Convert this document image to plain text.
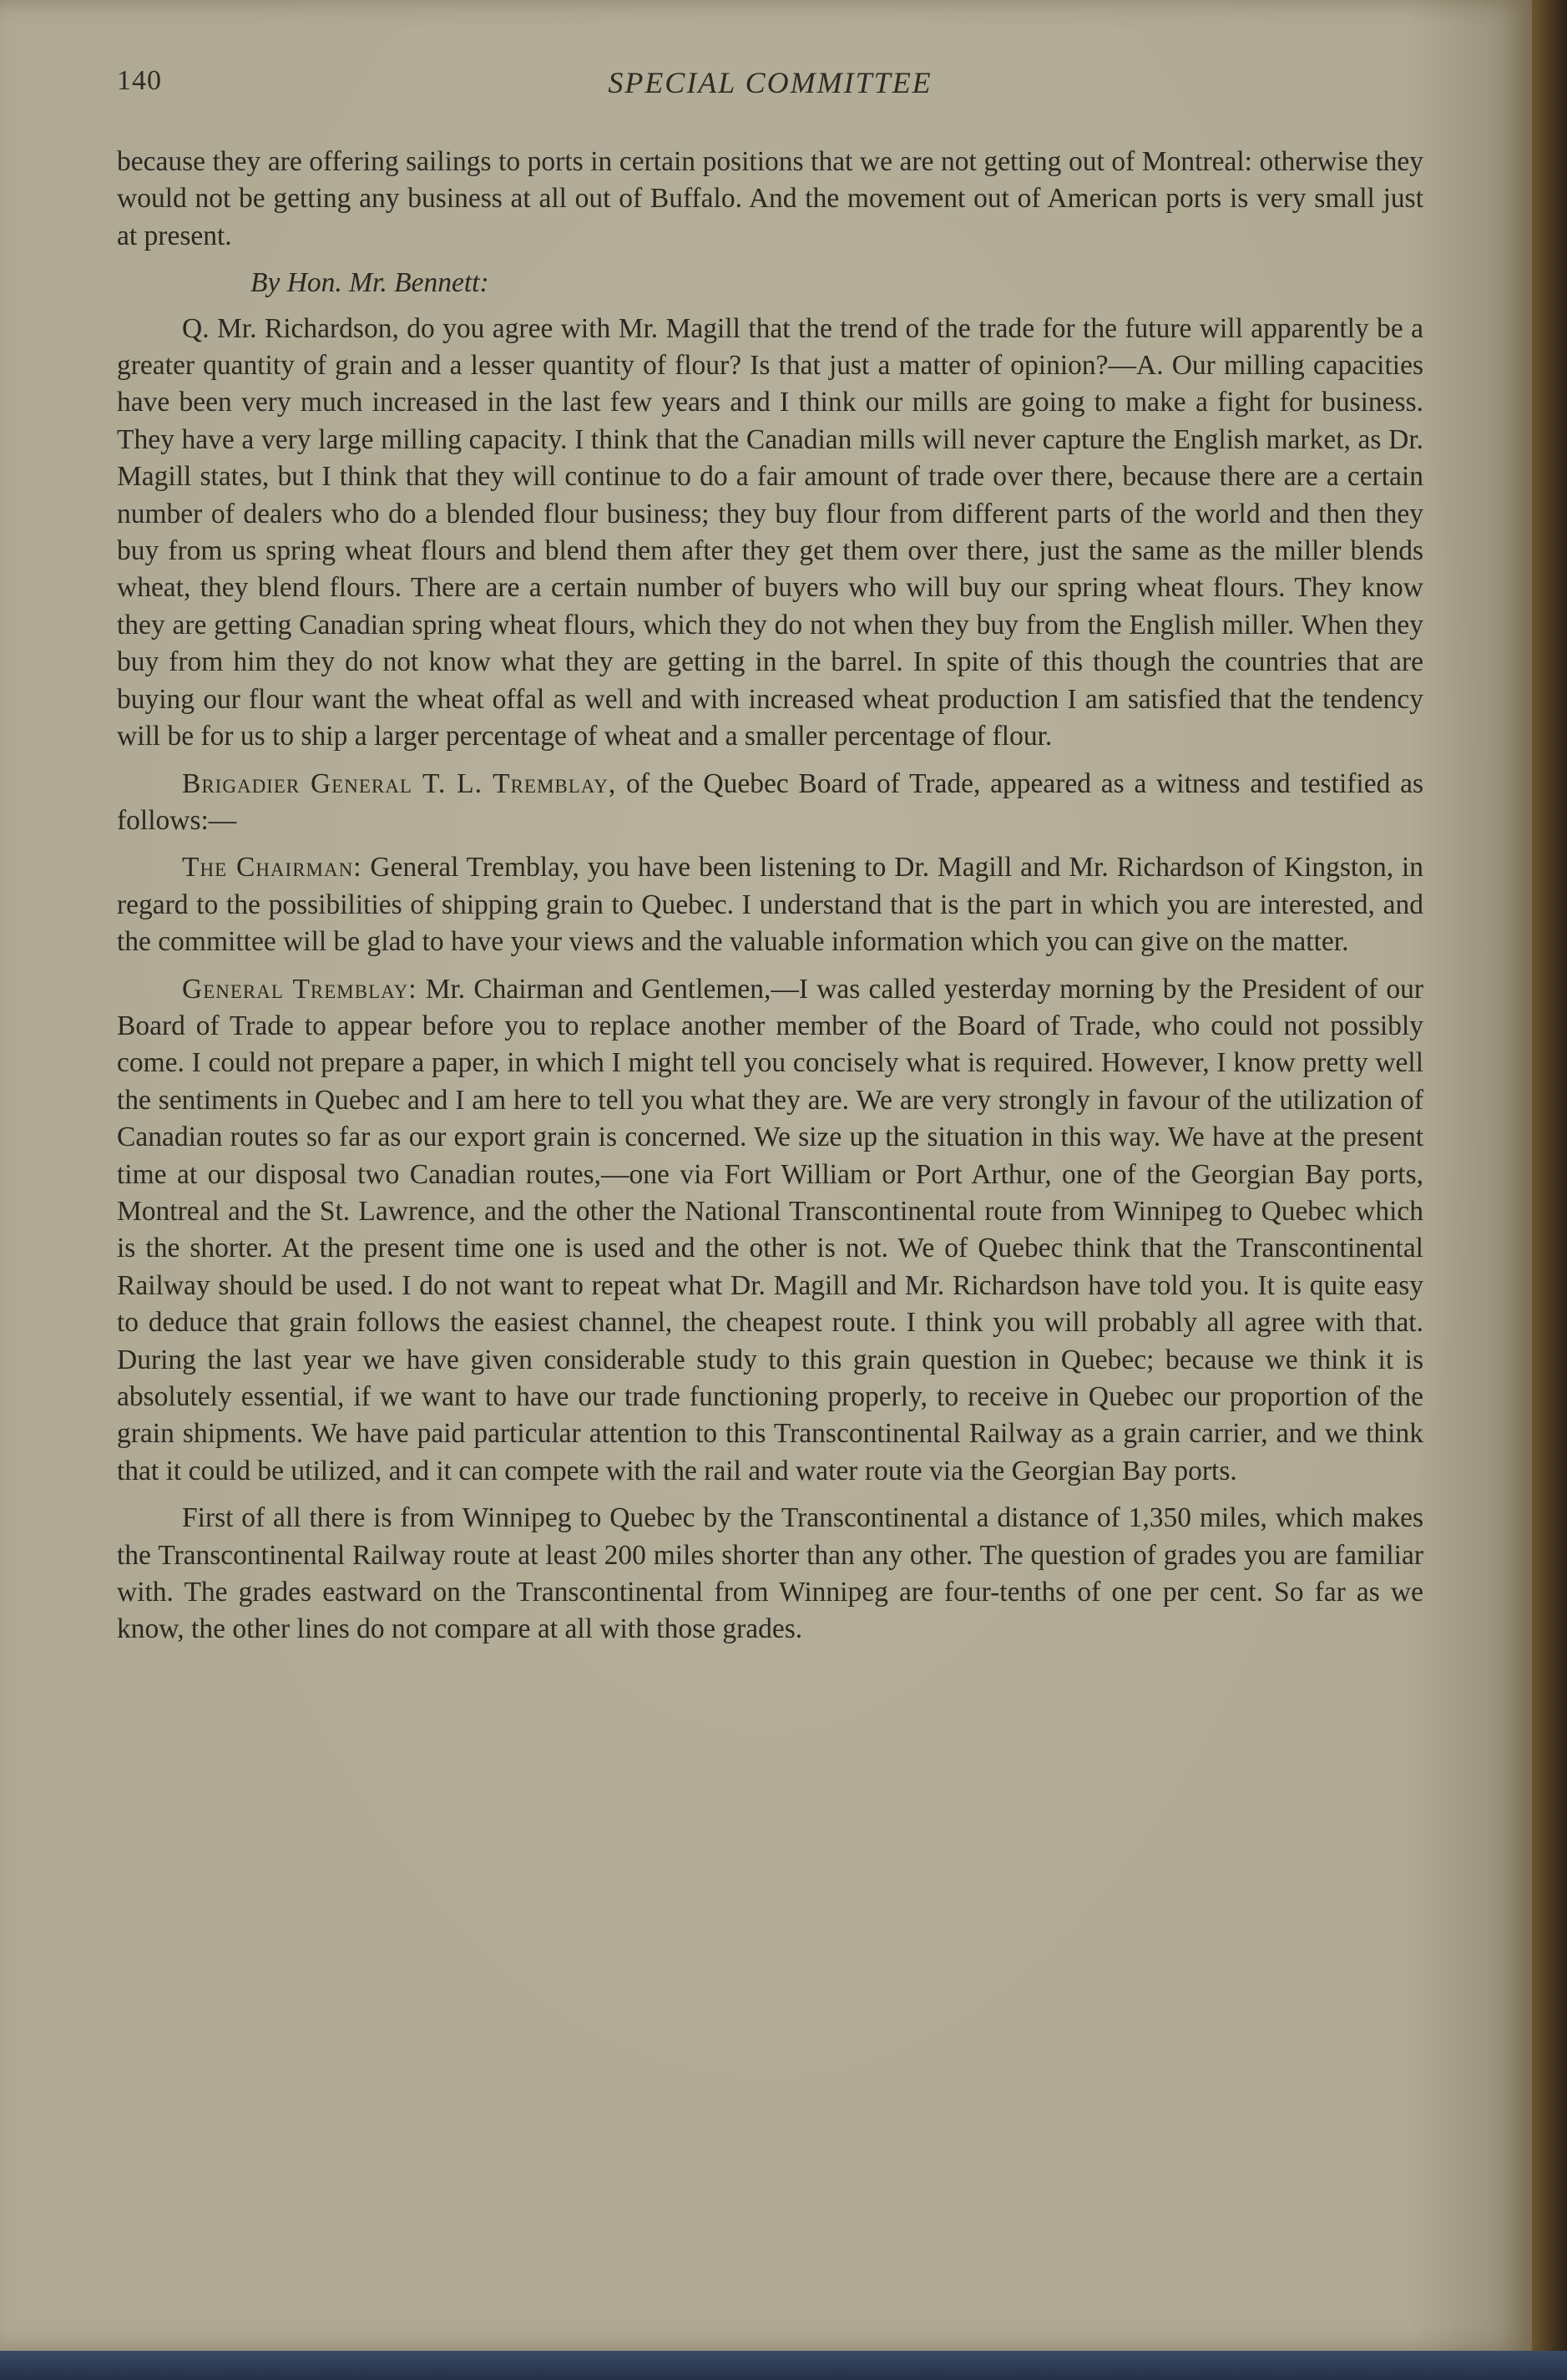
140	SPECIAL COMMITTEE

because they are offering sailings to ports in certain positions that we are not getting out of Montreal: otherwise they would not be getting any business at all out of Buffalo. And the movement out of American ports is very small just at present.

By Hon. Mr. Bennett:

Q. Mr. Richardson, do you agree with Mr. Magill that the trend of the trade for the future will apparently be a greater quantity of grain and a lesser quantity of flour? Is that just a matter of opinion?—A. Our milling capacities have been very much increased in the last few years and I think our mills are going to make a fight for business. They have a very large milling capacity. I think that the Canadian mills will never capture the English market, as Dr. Magill states, but I think that they will continue to do a fair amount of trade over there, because there are a certain number of dealers who do a blended flour business; they buy flour from different parts of the world and then they buy from us spring wheat flours and blend them after they get them over there, just the same as the miller blends wheat, they blend flours. There are a certain number of buyers who will buy our spring wheat flours. They know they are getting Canadian spring wheat flours, which they do not when they buy from the English miller. When they buy from him they do not know what they are getting in the barrel. In spite of this though the countries that are buying our flour want the wheat offal as well and with increased wheat production I am satisfied that the tendency will be for us to ship a larger percentage of wheat and a smaller percentage of flour.

Brigadier General T. L. Tremblay, of the Quebec Board of Trade, appeared as a witness and testified as follows:—

The Chairman: General Tremblay, you have been listening to Dr. Magill and Mr. Richardson of Kingston, in regard to the possibilities of shipping grain to Quebec. I understand that is the part in which you are interested, and the committee will be glad to have your views and the valuable information which you can give on the matter.

General Tremblay: Mr. Chairman and Gentlemen,—I was called yesterday morning by the President of our Board of Trade to appear before you to replace another member of the Board of Trade, who could not possibly come. I could not prepare a paper, in which I might tell you concisely what is required. However, I know pretty well the sentiments in Quebec and I am here to tell you what they are. We are very strongly in favour of the utilization of Canadian routes so far as our export grain is concerned. We size up the situation in this way. We have at the present time at our disposal two Canadian routes,—one via Fort William or Port Arthur, one of the Georgian Bay ports, Montreal and the St. Lawrence, and the other the National Transcontinental route from Winnipeg to Quebec which is the shorter. At the present time one is used and the other is not. We of Quebec think that the Transcontinental Railway should be used. I do not want to repeat what Dr. Magill and Mr. Richardson have told you. It is quite easy to deduce that grain follows the easiest channel, the cheapest route. I think you will probably all agree with that. During the last year we have given considerable study to this grain question in Quebec; because we think it is absolutely essential, if we want to have our trade functioning properly, to receive in Quebec our proportion of the grain shipments. We have paid particular attention to this Transcontinental Railway as a grain carrier, and we think that it could be utilized, and it can compete with the rail and water route via the Georgian Bay ports.

First of all there is from Winnipeg to Quebec by the Transcontinental a distance of 1,350 miles, which makes the Transcontinental Railway route at least 200 miles shorter than any other. The question of grades you are familiar with. The grades eastward on the Transcontinental from Winnipeg are four-tenths of one per cent. So far as we know, the other lines do not compare at all with those grades.
